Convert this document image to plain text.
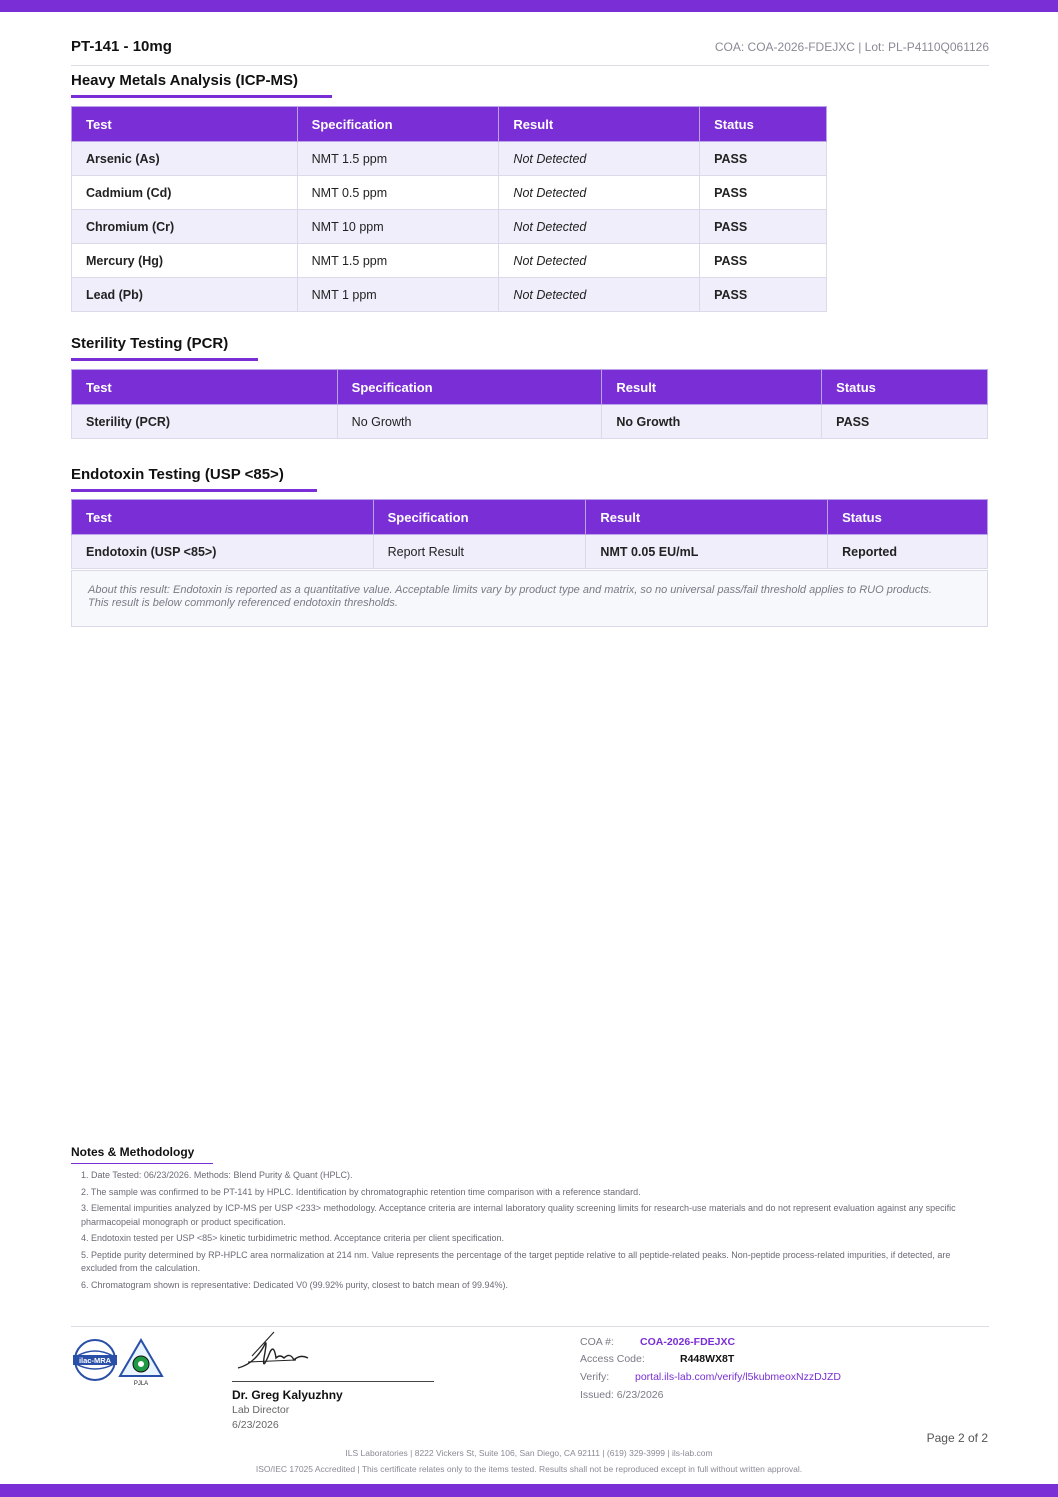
PT-141 - 10mg	COA: COA-2026-FDEJXC | Lot: PL-P4110Q061126
Heavy Metals Analysis (ICP-MS)
Test	Specification	Result	Status
Arsenic (As)	NMT 1.5 ppm	Not Detected	PASS
Cadmium (Cd)	NMT 0.5 ppm	Not Detected	PASS
Chromium (Cr)	NMT 10 ppm	Not Detected	PASS
Mercury (Hg)	NMT 1.5 ppm	Not Detected	PASS
Lead (Pb)	NMT 1 ppm	Not Detected	PASS
Sterility Testing (PCR)
Test	Specification	Result	Status
Sterility (PCR)	No Growth	No Growth	PASS
Endotoxin Testing (USP <85>)
Test	Specification	Result	Status
Endotoxin (USP <85>)	Report Result	NMT 0.05 EU/mL	Reported
About this result: Endotoxin is reported as a quantitative value. Acceptable limits vary by product type and matrix, so no universal pass/fail threshold applies to RUO products.
This result is below commonly referenced endotoxin thresholds.
Notes & Methodology
1. Date Tested: 06/23/2026. Methods: Blend Purity & Quant (HPLC).
2. The sample was confirmed to be PT-141 by HPLC. Identification by chromatographic retention time comparison with a reference standard.
3. Elemental impurities analyzed by ICP-MS per USP <233> methodology. Acceptance criteria are internal laboratory quality screening limits for research-use materials and do not represent evaluation against any specific pharmacopeial monograph or product specification.
4. Endotoxin tested per USP <85> kinetic turbidimetric method. Acceptance criteria per client specification.
5. Peptide purity determined by RP-HPLC area normalization at 214 nm. Value represents the percentage of the target peptide relative to all peptide-related peaks. Non-peptide process-related impurities, if detected, are excluded from the calculation.
6. Chromatogram shown is representative: Dedicated V0 (99.92% purity, closest to batch mean of 99.94%).
ilac-MRA
PJLA
Dr. Greg Kalyuzhny
Lab Director
6/23/2026
COA #: COA-2026-FDEJXC
Access Code:	R448WX8T
Verify: portal.ils-lab.com/verify/l5kubmeoxNzzDJZD
Issued: 6/23/2026
Page 2 of 2
ILS Laboratories | 8222 Vickers St, Suite 106, San Diego, CA 92111 | (619) 329-3999 | ils-lab.com
ISO/IEC 17025 Accredited | This certificate relates only to the items tested. Results shall not be reproduced except in full without written approval.
